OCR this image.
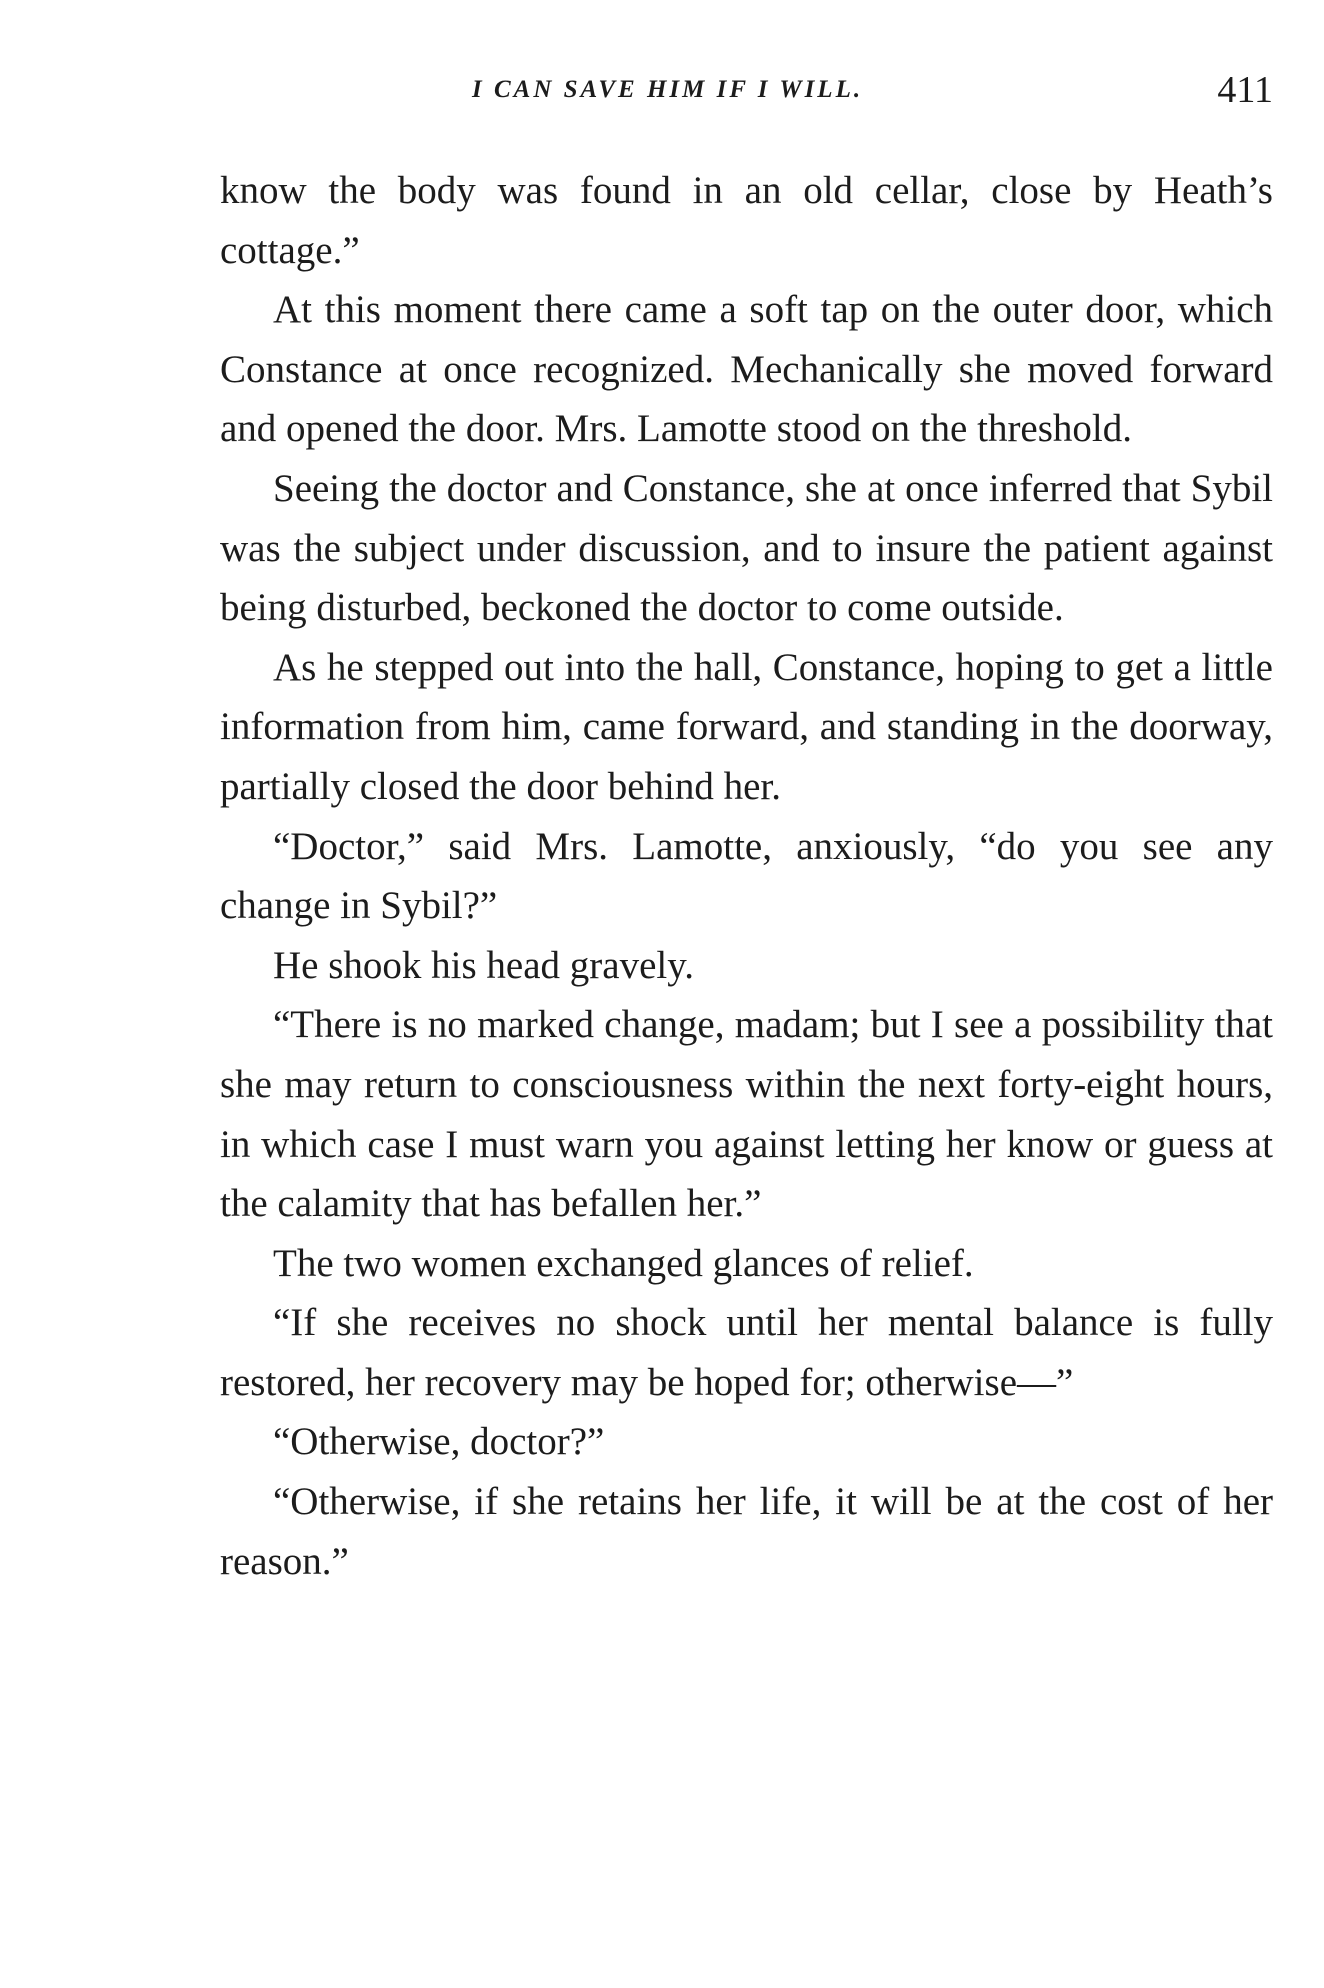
I CAN SAVE HIM IF I WILL.	411

know the body was found in an old cellar, close by Heath’s cottage.”

At this moment there came a soft tap on the outer door, which Constance at once recognized. Mechanically she moved forward and opened the door. Mrs. Lamotte stood on the threshold.

Seeing the doctor and Constance, she at once inferred that Sybil was the subject under discussion, and to insure the patient against being disturbed, beckoned the doctor to come outside.

As he stepped out into the hall, Constance, hoping to get a little information from him, came forward, and standing in the doorway, partially closed the door behind her.

“Doctor,” said Mrs. Lamotte, anxiously, “do you see any change in Sybil?”

He shook his head gravely.

“There is no marked change, madam; but I see a possibility that she may return to consciousness within the next forty-eight hours, in which case I must warn you against letting her know or guess at the calamity that has befallen her.”

The two women exchanged glances of relief.

“If she receives no shock until her mental balance is fully restored, her recovery may be hoped for; otherwise—”

“Otherwise, doctor?”

“Otherwise, if she retains her life, it will be at the cost of her reason.”
